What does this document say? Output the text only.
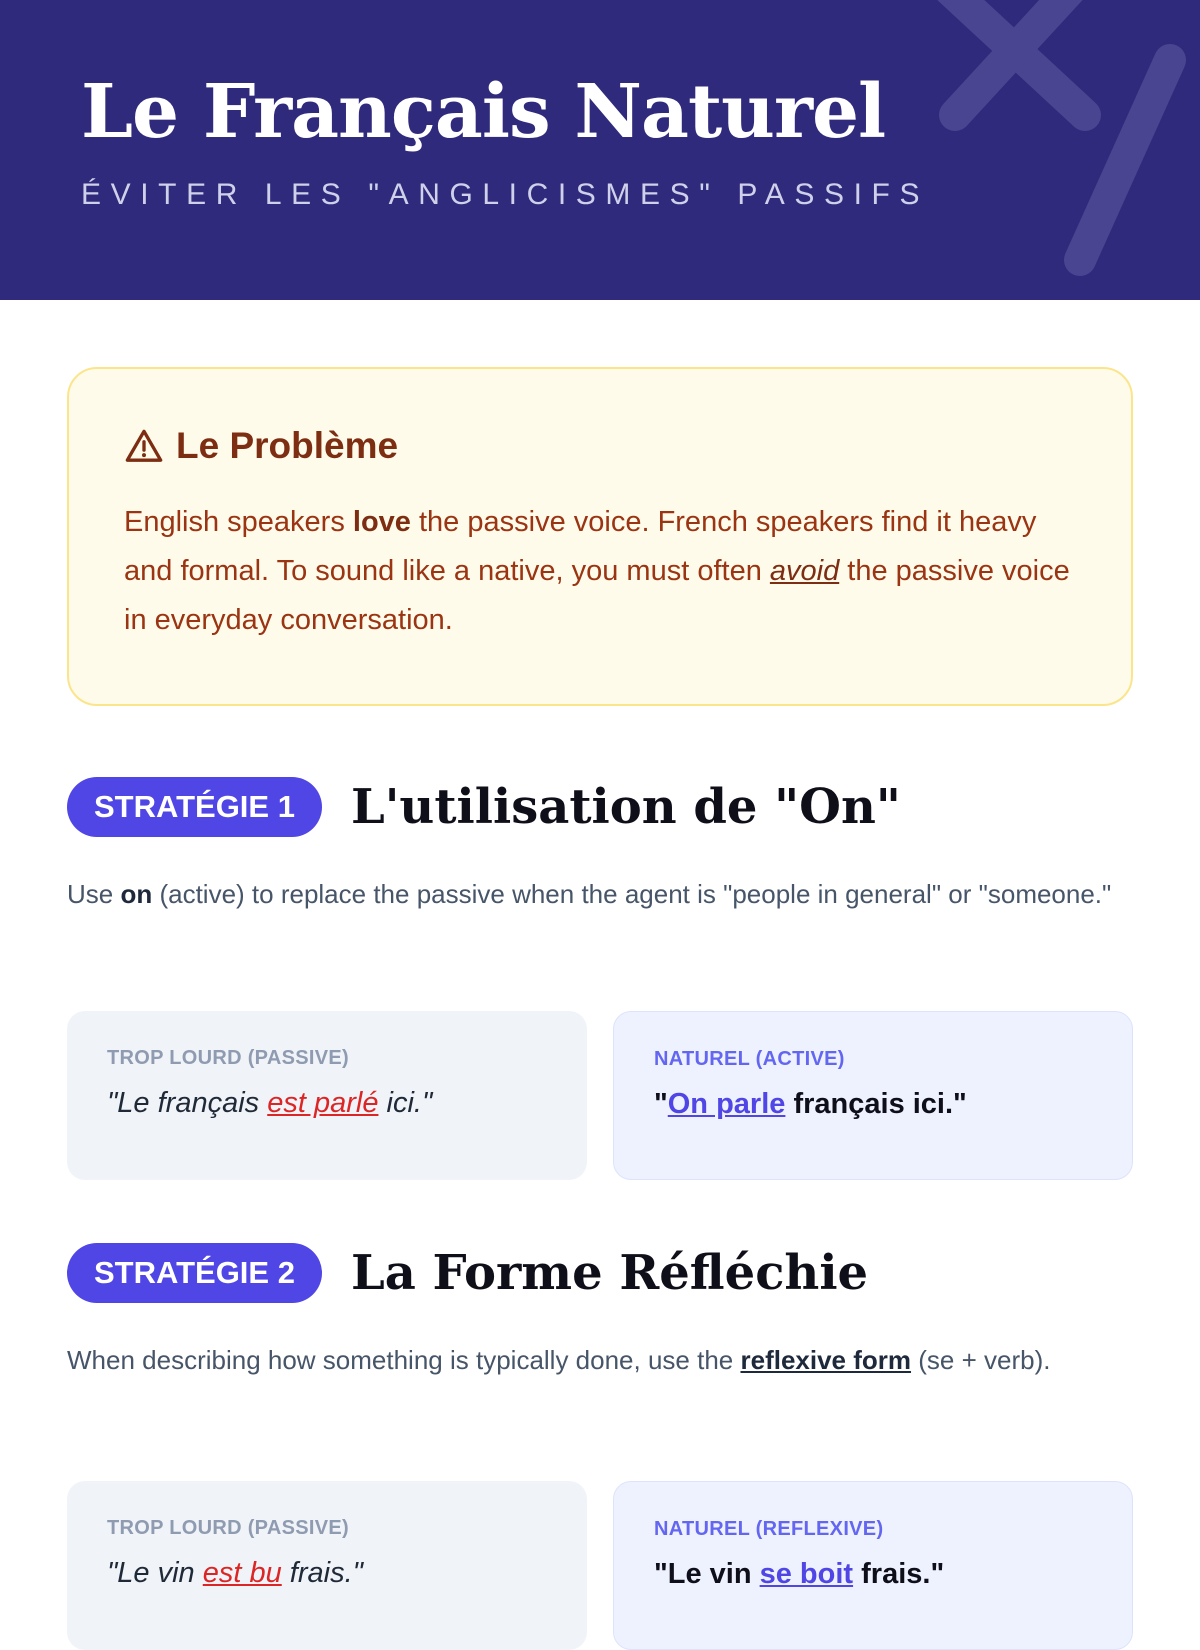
Le Français Naturel
ÉVITER LES "ANGLICISMES" PASSIFS
Le Problème
English speakers love the passive voice. French speakers find it heavy and formal. To sound like a native, you must often avoid the passive voice in everyday conversation.
STRATÉGIE 1	L'utilisation de "On"

Use on (active) to replace the passive when the agent is "people in general" or "someone."

TROP LOURD (PASSIVE)
"Le français est parlé ici."
NATUREL (ACTIVE)
"On parle français ici."
STRATÉGIE 2	La Forme Réfléchie

When describing how something is typically done, use the reflexive form (se + verb).

TROP LOURD (PASSIVE)
"Le vin est bu frais."
NATUREL (REFLEXIVE)
"Le vin se boit frais."
